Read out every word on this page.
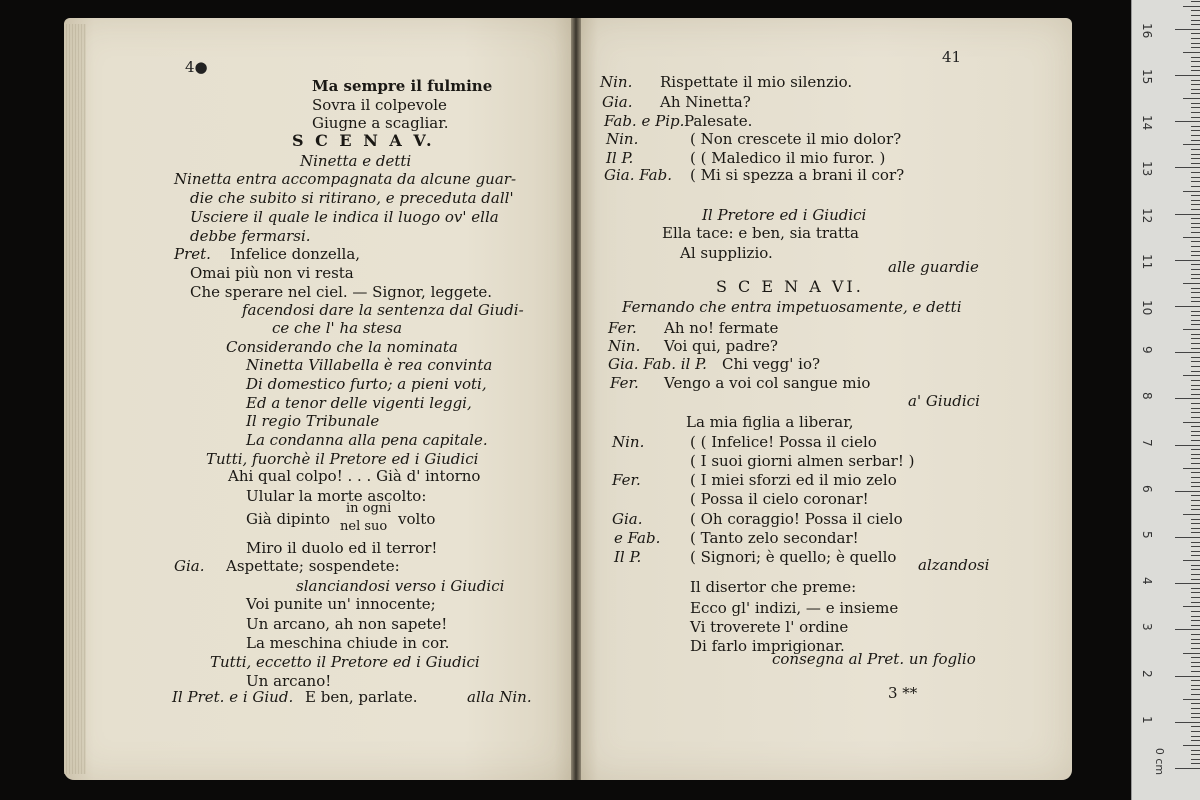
4●
Ma sempre il fulmine
Sovra il colpevole
Giugne a scagliar.
S C E N A V.
Ninetta e detti
Ninetta entra accompagnata da alcune guar-
die che subito si ritirano, e preceduta dall'
Usciere il quale le indica il luogo ov' ella
debbe fermarsi.
Pret. Infelice donzella,
Omai più non vi resta
Che sperare nel ciel. — Signor, leggete.
facendosi dare la sentenza dal Giudi-
ce che l' ha stesa
Considerando che la nominata
Ninetta Villabella è rea convinta
Di domestico furto; a pieni voti,
Ed a tenor delle vigenti leggi,
Il regio Tribunale
La condanna alla pena capitale.
Tutti, fuorchè il Pretore ed i Giudici
Ahi qual colpo! . . . Già d' intorno
Ulular la morte ascolto:
Già dipinto
in ogni
nel suo volto
Miro il duolo ed il terror!
Gia. Aspettate; sospendete:
slanciandosi verso i Giudici
Voi punite un' innocente;
Un arcano, ah non sapete!
La meschina chiude in cor.
Tutti, eccetto il Pretore ed i Giudici
Un arcano!
Il Pret. e i Giud. E ben, parlate.	alla Nin.
41
Nin. Rispettate il mio silenzio.
Gia. Ah Ninetta?
Fab. e Pip. Palesate.
Nin.	( Non crescete il mio dolor?
Il P.	( ( Maledico il mio furor. )
Gia. Fab. ( Mi si spezza a brani il cor?
Il Pretore ed i Giudici
Ella tace: e ben, sia tratta
Al supplizio.
alle guardie
S C E N A VI.
Fernando che entra impetuosamente, e detti
Fer. Ah no! fermate
Nin. Voi qui, padre?
Gia. Fab. il P. Chi vegg' io?
Fer. Vengo a voi col sangue mio
a' Giudici
La mia figlia a liberar,
Nin.	( ( Infelice! Possa il cielo
( I suoi giorni almen serbar! )
Fer.	( I miei sforzi ed il mio zelo
( Possa il cielo coronar!
Gia.	( Oh coraggio! Possa il cielo
e Fab. ( Tanto zelo secondar!
Il P.	( Signori; è quello; è quello alzandosi
Il disertor che preme:
Ecco gl' indizi, — e insieme
Vi troverete l' ordine
Di farlo imprigionar.
consegna al Pret. un foglio
3 **
0 cm
1
2
3
4
5
6
7
8
9
10
11
12
13
14
15
16
